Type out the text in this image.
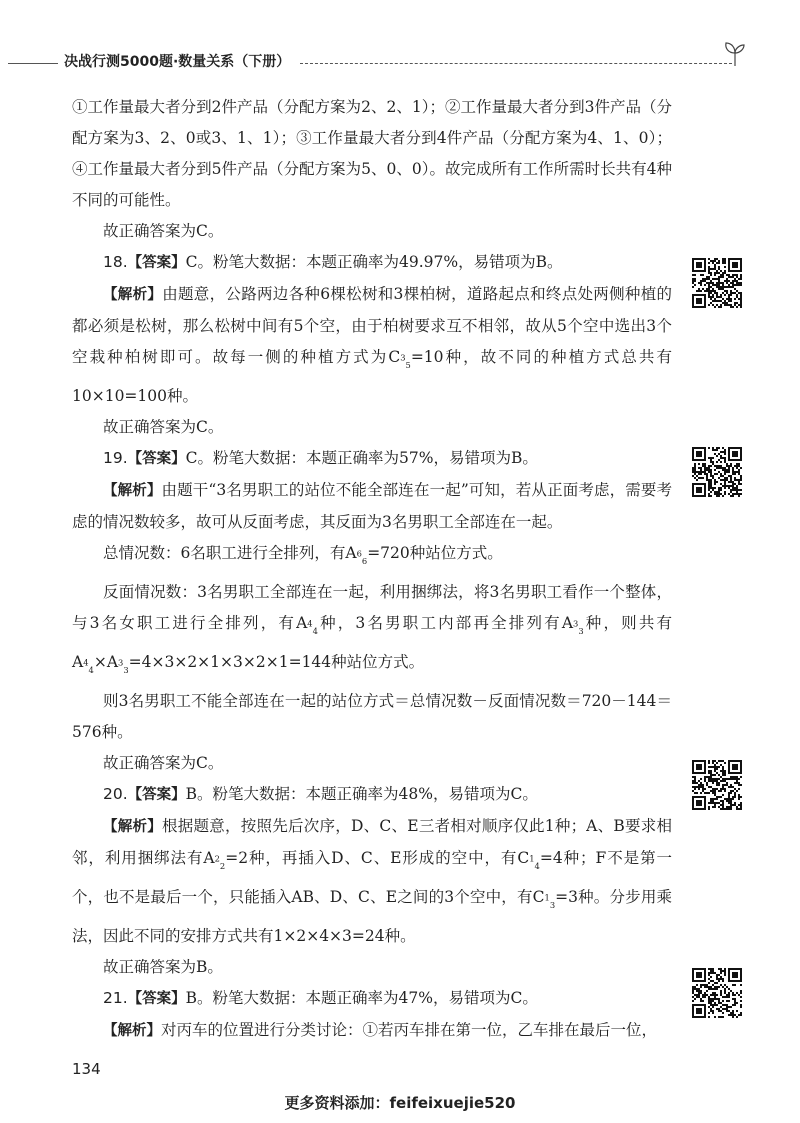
决战行测5000题·数量关系（下册）

①工作量最大者分到2件产品（分配方案为2、2、1）；②工作量最大者分到3件产品（分配方案为3、2、0或3、1、1）；③工作量最大者分到4件产品（分配方案为4、1、0）；④工作量最大者分到5件产品（分配方案为5、0、0）。故完成所有工作所需时长共有4种不同的可能性。

故正确答案为C。

18.【答案】C。粉笔大数据：本题正确率为49.97%，易错项为B。

【解析】由题意，公路两边各种6棵松树和3棵柏树，道路起点和终点处两侧种植的都必须是松树，那么松树中间有5个空，由于柏树要求互不相邻，故从5个空中选出3个空栽种柏树即可。故每一侧的种植方式为$C^3_5=10$种，故不同的种植方式总共有10×10=100种。

故正确答案为C。

19.【答案】C。粉笔大数据：本题正确率为57%，易错项为B。

【解析】由题干“3名男职工的站位不能全部连在一起”可知，若从正面考虑，需要考虑的情况数较多，故可从反面考虑，其反面为3名男职工全部连在一起。

总情况数：6名职工进行全排列，有$A^6_6=720$种站位方式。

反面情况数：3名男职工全部连在一起，利用捆绑法，将3名男职工看作一个整体，与3名女职工进行全排列，有$A^4_4$种，3名男职工内部再全排列有$A^3_3$种，则共有$A^4_4\times A^3_3=4\times 3\times 2\times 1\times 3\times 2\times 1=144$种站位方式。

则3名男职工不能全部连在一起的站位方式＝总情况数－反面情况数＝720－144＝576种。

故正确答案为C。

20.【答案】B。粉笔大数据：本题正确率为48%，易错项为C。

【解析】根据题意，按照先后次序，D、C、E三者相对顺序仅此1种；A、B要求相邻，利用捆绑法有$A^2_2=2$种，再插入D、C、E形成的空中，有$C^1_4=4$种；F不是第一个，也不是最后一个，只能插入AB、D、C、E之间的3个空中，有$C^1_3=3$种。分步用乘法，因此不同的安排方式共有1×2×4×3=24种。

故正确答案为B。

21.【答案】B。粉笔大数据：本题正确率为47%，易错项为C。

【解析】对丙车的位置进行分类讨论：①若丙车排在第一位，乙车排在最后一位，

134
更多资料添加：feifeixuejie520
